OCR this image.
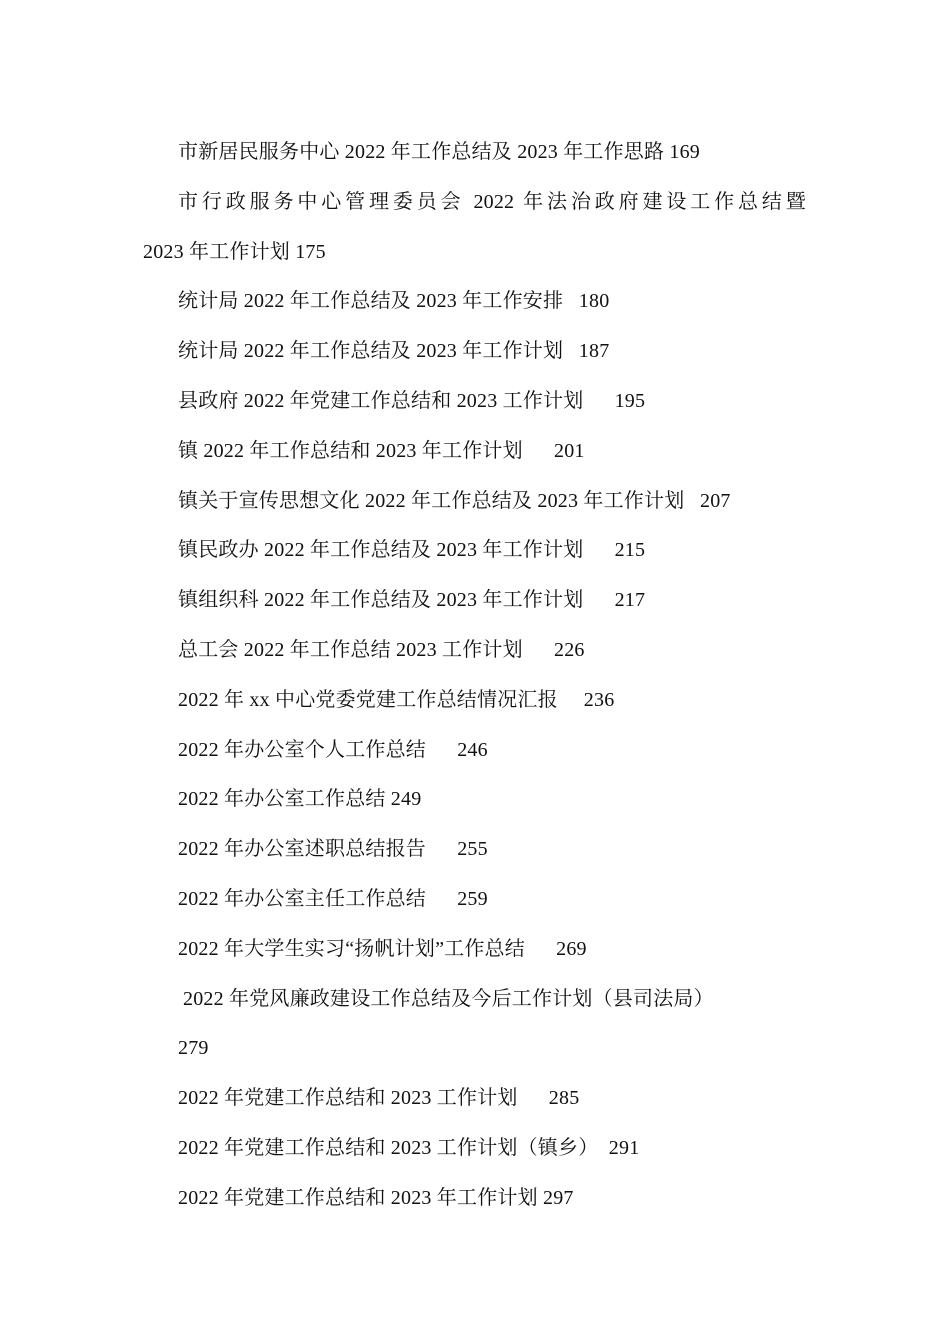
市新居民服务中心 2022 年工作总结及 2023 年工作思路 169
市行政服务中心管理委员会 2022 年法治政府建设工作总结暨
2023 年工作计划 175
统计局 2022 年工作总结及 2023 年工作安排   180
统计局 2022 年工作总结及 2023 年工作计划   187
县政府 2022 年党建工作总结和 2023 工作计划      195
镇 2022 年工作总结和 2023 年工作计划      201
镇关于宣传思想文化 2022 年工作总结及 2023 年工作计划   207
镇民政办 2022 年工作总结及 2023 年工作计划      215
镇组织科 2022 年工作总结及 2023 年工作计划      217
总工会 2022 年工作总结 2023 工作计划      226
2022 年 xx 中心党委党建工作总结情况汇报     236
2022 年办公室个人工作总结      246
2022 年办公室工作总结 249
2022 年办公室述职总结报告      255
2022 年办公室主任工作总结      259
2022 年大学生实习“扬帆计划”工作总结      269
2022 年党风廉政建设工作总结及今后工作计划（县司法局）
279
2022 年党建工作总结和 2023 工作计划      285
2022 年党建工作总结和 2023 工作计划（镇乡）  291
2022 年党建工作总结和 2023 年工作计划 297
